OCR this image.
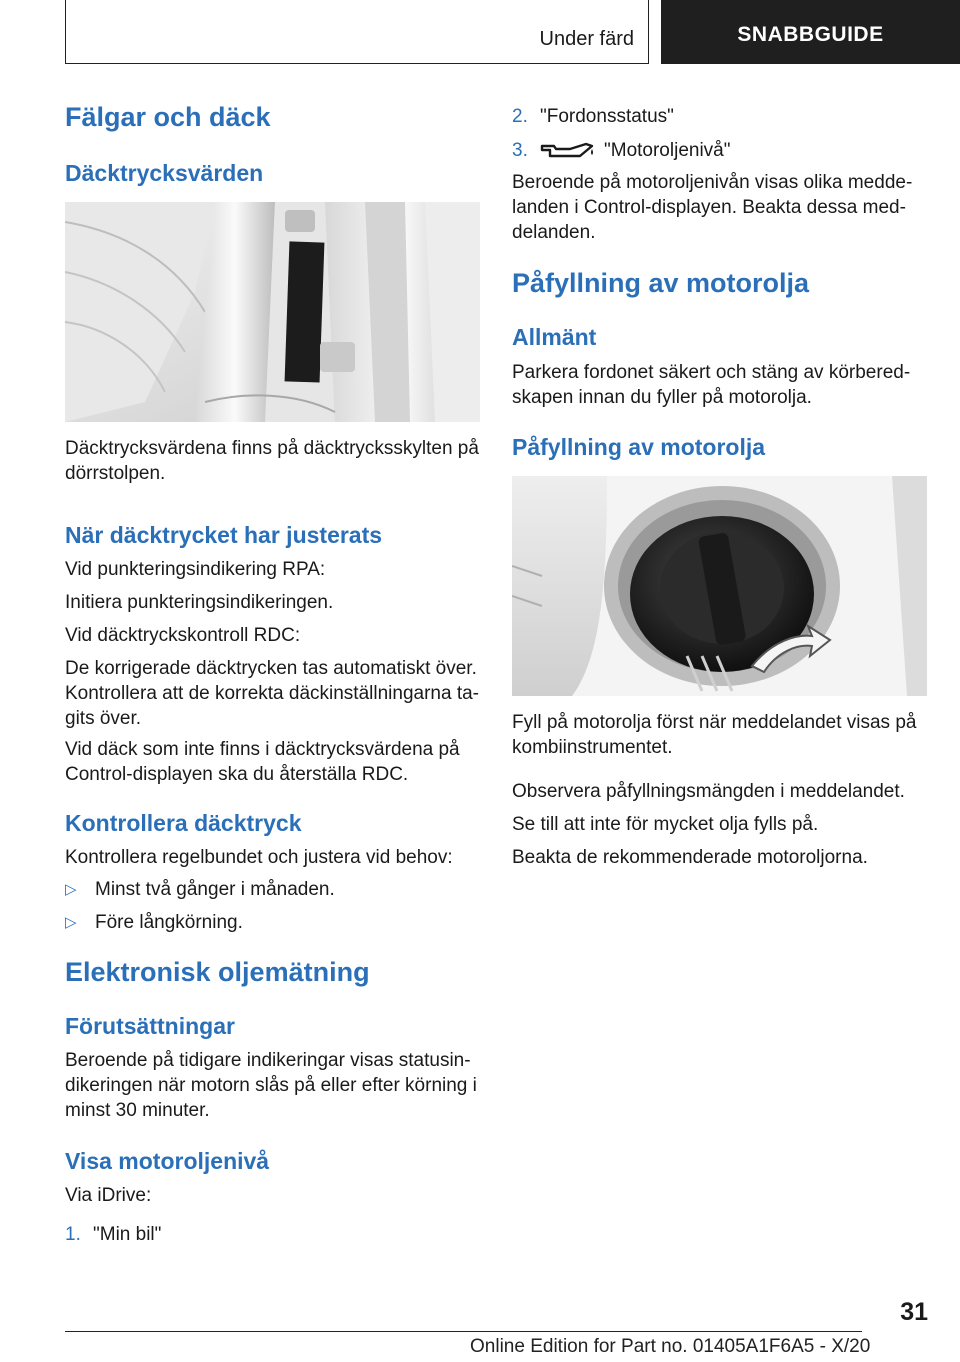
Under färd	SNABBGUIDE
Fälgar och däck
Däcktrycksvärden

Däcktrycksvärdena finns på däcktrycksskylten på dörrstolpen.

När däcktrycket har justerats

Vid punkteringsindikering RPA:

Initiera punkteringsindikeringen.

Vid däcktryckskontroll RDC:

De korrigerade däcktrycken tas automatiskt över. Kontrollera att de korrekta däckinställningarna ta-gits över.

Vid däck som inte finns i däcktrycksvärdena på Control-displayen ska du återställa RDC.

Kontrollera däcktryck

Kontrollera regelbundet och justera vid behov:

▷ Minst två gånger i månaden.
▷ Före långkörning.
Elektronisk oljemätning
Förutsättningar

Beroende på tidigare indikeringar visas statusin-dikeringen när motorn slås på eller efter körning i minst 30 minuter.

Visa motoroljenivå

Via iDrive:

1. "Min bil"
2. "Fordonsstatus"
3.	"Motoroljenivå"

Beroende på motoroljenivån visas olika medde-landen i Control-displayen. Beakta dessa med-delanden.

Påfyllning av motorolja
Allmänt

Parkera fordonet säkert och stäng av körbered-skapen innan du fyller på motorolja.

Påfyllning av motorolja

Fyll på motorolja först när meddelandet visas på kombiinstrumentet.

Observera påfyllningsmängden i meddelandet.

Se till att inte för mycket olja fylls på.

Beakta de rekommenderade motoroljorna.

31
Online Edition for Part no. 01405A1F6A5 - X/20
